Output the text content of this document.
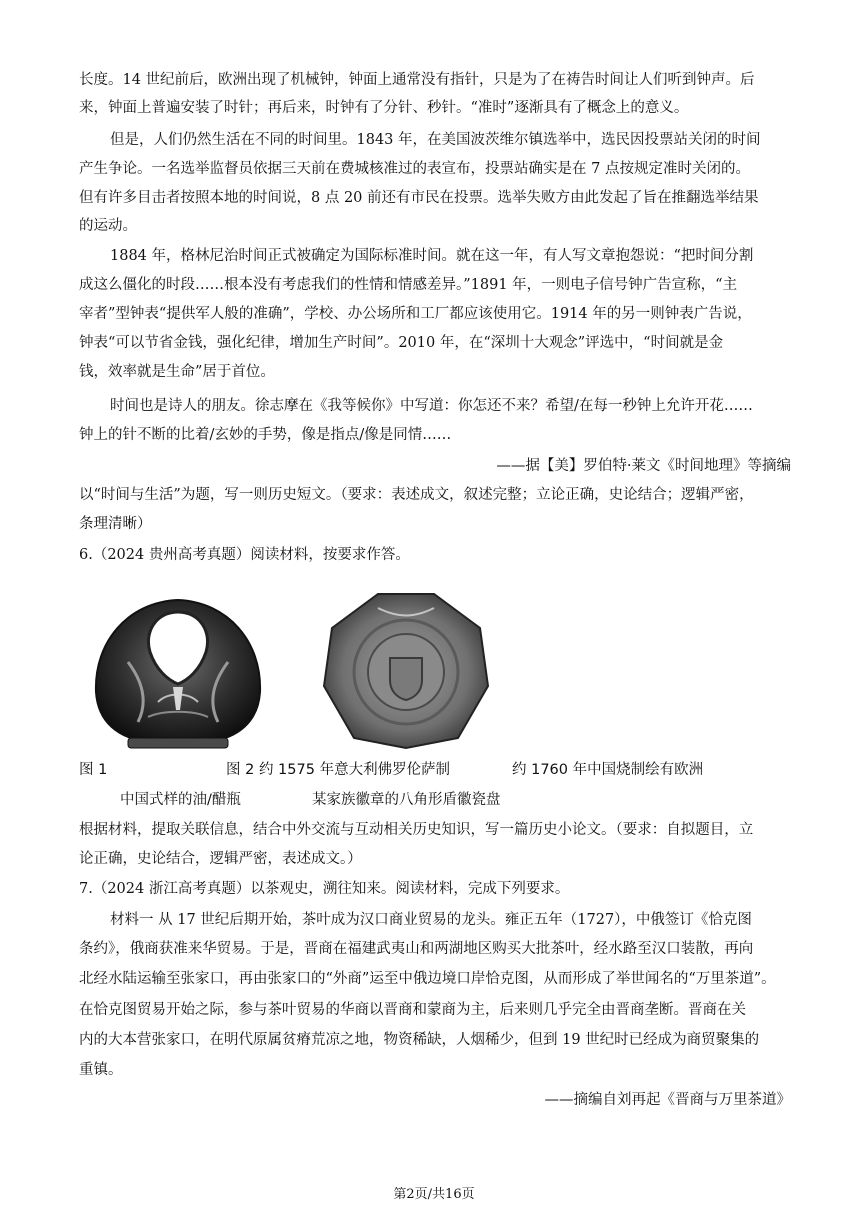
长度。14 世纪前后，欧洲出现了机械钟，钟面上通常没有指针，只是为了在祷告时间让人们听到钟声。后
来，钟面上普遍安装了时针；再后来，时钟有了分针、秒针。“准时”逐渐具有了概念上的意义。
但是，人们仍然生活在不同的时间里。1843 年，在美国波茨维尔镇选举中，选民因投票站关闭的时间
产生争论。一名选举监督员依据三天前在费城核准过的表宣布，投票站确实是在 7 点按规定准时关闭的。
但有许多目击者按照本地的时间说，8 点 20 前还有市民在投票。选举失败方由此发起了旨在推翻选举结果
的运动。
1884 年，格林尼治时间正式被确定为国际标准时间。就在这一年，有人写文章抱怨说：“把时间分割
成这么僵化的时段……根本没有考虑我们的性情和情感差异。”1891 年，一则电子信号钟广告宣称，“主
宰者”型钟表“提供军人般的准确”，学校、办公场所和工厂都应该使用它。1914 年的另一则钟表广告说，
钟表“可以节省金钱，强化纪律，增加生产时间”。2010 年，在“深圳十大观念”评选中，“时间就是金
钱，效率就是生命”居于首位。
时间也是诗人的朋友。徐志摩在《我等候你》中写道：你怎还不来？希望/在每一秒钟上允许开花……
钟上的针不断的比着/玄妙的手势，像是指点/像是同情……
——据【美】罗伯特·莱文《时间地理》等摘编
以“时间与生活”为题，写一则历史短文。（要求：表述成文，叙述完整；立论正确，史论结合；逻辑严密，
条理清晰）
6.（2024 贵州高考真题）阅读材料，按要求作答。
图 1	图 2 约 1575 年意大利佛罗伦萨制	约 1760 年中国烧制绘有欧洲
中国式样的油/醋瓶	某家族徽章的八角形盾徽瓷盘
根据材料，提取关联信息，结合中外交流与互动相关历史知识，写一篇历史小论文。（要求：自拟题目，立
论正确，史论结合，逻辑严密，表述成文。）
7.（2024 浙江高考真题）以茶观史，溯往知来。阅读材料，完成下列要求。
材料一 从 17 世纪后期开始，茶叶成为汉口商业贸易的龙头。雍正五年（1727），中俄签订《恰克图
条约》，俄商获准来华贸易。于是，晋商在福建武夷山和两湖地区购买大批茶叶，经水路至汉口装散，再向
北经水陆运输至张家口，再由张家口的“外商”运至中俄边境口岸恰克图，从而形成了举世闻名的“万里茶道”。
在恰克图贸易开始之际，参与茶叶贸易的华商以晋商和蒙商为主，后来则几乎完全由晋商垄断。晋商在关
内的大本营张家口，在明代原属贫瘠荒凉之地，物资稀缺，人烟稀少，但到 19 世纪时已经成为商贸聚集的
重镇。
——摘编自刘再起《晋商与万里茶道》
第2页/共16页
